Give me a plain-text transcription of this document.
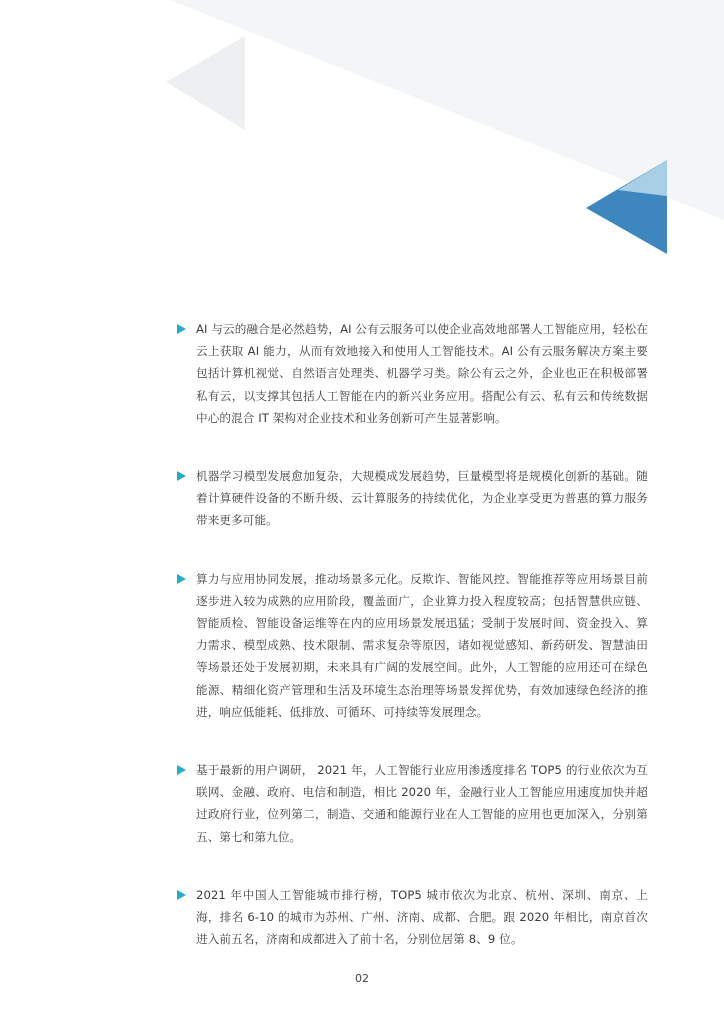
AI 与云的融合是必然趋势，AI 公有云服务可以使企业高效地部署人工智能应用，轻松在云上获取 AI 能力，从而有效地接入和使用人工智能技术。AI 公有云服务解决方案主要包括计算机视觉、自然语言处理类、机器学习类。除公有云之外，企业也正在积极部署私有云，以支撑其包括人工智能在内的新兴业务应用。搭配公有云、私有云和传统数据中心的混合 IT 架构对企业技术和业务创新可产生显著影响。

机器学习模型发展愈加复杂，大规模成发展趋势，巨量模型将是规模化创新的基础。随着计算硬件设备的不断升级、云计算服务的持续优化，为企业享受更为普惠的算力服务带来更多可能。

算力与应用协同发展，推动场景多元化。反欺诈、智能风控、智能推荐等应用场景目前逐步进入较为成熟的应用阶段，覆盖面广，企业算力投入程度较高；包括智慧供应链、智能质检、智能设备运维等在内的应用场景发展迅猛；受制于发展时间、资金投入、算力需求、模型成熟、技术限制、需求复杂等原因，诸如视觉感知、新药研发、智慧油田等场景还处于发展初期，未来具有广阔的发展空间。此外，人工智能的应用还可在绿色能源、精细化资产管理和生活及环境生态治理等场景发挥优势，有效加速绿色经济的推进，响应低能耗、低排放、可循环、可持续等发展理念。

基于最新的用户调研， 2021 年，人工智能行业应用渗透度排名 TOP5 的行业依次为互联网、金融、政府、电信和制造，相比 2020 年，金融行业人工智能应用速度加快并超过政府行业，位列第二，制造、交通和能源行业在人工智能的应用也更加深入，分别第五、第七和第九位。

2021 年中国人工智能城市排行榜，TOP5 城市依次为北京、杭州、深圳、南京、上海，排名 6-10 的城市为苏州、广州、济南、成都、合肥。跟 2020 年相比，南京首次进入前五名，济南和成都进入了前十名，分别位居第 8、9 位。

02
